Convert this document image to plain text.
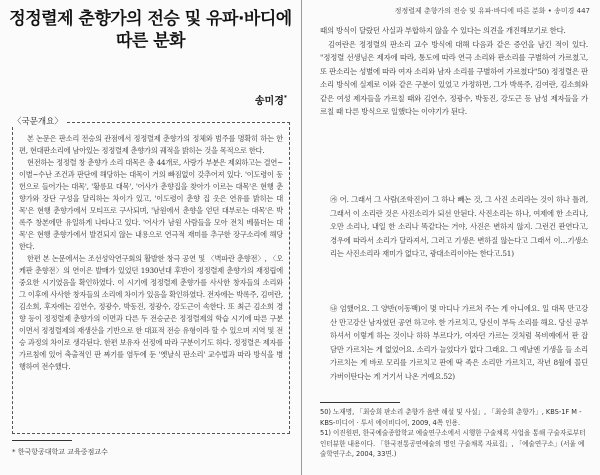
정정렬제 춘향가의 전승 및 유파·바디에
따른 분화
송미경*
〈국문개요〉

본 논문은 판소리 전승의 관점에서 정정렬제 춘향가의 정체와 범주를 명확히 하는 한편, 현대판소리에 남아있는 정정렬제 춘향가의 궤적을 밝히는 것을 목적으로 한다.

현전하는 정정렬 창 춘향가 소리 대목은 총 44개로, 사랑가 부분은 제외하고는 결연~이별~수난 조건과 판단에 해당하는 대목이 거의 빠짐없이 갖추어져 있다. '이도령이 동헌으로 들어가는 대목', '황릉묘 대목', '어사가 춘향집을 찾아가 이르는 대목'은 현행 춘향가와 장단 구성을 달리하는 차이가 있고, '이도령이 춘향 집 옷은 연유를 밝히는 대목'은 현행 춘향가에서 모티프로 구사되며, '남원에서 춘향을 얻던 대부로는 대목'은 박록주 창본에만 유일하게 나타나고 있다. '어사가 남원 사람들을 모아 전치 베풀더는 대목'은 현행 춘향가에서 발견되지 않는 내용으로 연극적 재미를 추구한 장구소리에 해당한다.

한편 본 논문에서는 조선성악연구회의 활발한 창극 공연 및 〈벽파란 춘향전〉, 〈오케판 춘향전〉의 연이은 발매가 있었던 1930년대 후반이 정정렬제 춘향가의 재정립에 중요한 시기였음을 확인하였다. 이 시기에 정정렬제 춘향가를 사사한 창자들의 소리와 그 이후에 사사한 창자들의 소리에 차이가 있음을 확인하였다. 전자에는 박록주, 김여란, 김소희, 후자에는 김연수, 정광수, 박동진, 정광수, 강도근이 속한다. 또 최근 김소희 경향 등이 정정렬제 춘향가의 이면과 다른 두 전승군은 정정렬제의 학습 시기에 따른 구분이면서 정정렬제의 재생산을 기반으로 한 대표적 전승 유형이라 할 수 있으며 지역 및 전승 과정의 차이로 생각된다. 한편 보유자 선정에 따라 구분이기도 하다. 정정렬은 제자를 가르침에 있어 축출적인 판 짜기를 염두에 둔 '옛날식 판소리' 교수법과 따라 방식을 병행하여 전수했다.

* 한국항공대학교 교육중점교수
정정렬제 춘향가의 전승 및 유파·바디에 따른 분화 • 송미경 447

때의 방식이 달랐던 사실과 부합하지 않을 수 있다는 의견을 개진해보기로 한다.

김여란은 정정렬의 판소리 교수 방식에 대해 다음과 같은 증언을 남긴 적이 있다. "정정렬 선생님은 제자에 따라, 통도에 따라 연극 소리와 판소리를 구별하여 가르쳤고, 또 판소리는 성별에 따라 여자 소리와 남자 소리를 구별하여 가르쳤다"50) 정정렬은 판소리 방식에 실제로 이와 같은 구분이 있었고 가정하면, 그가 박록주, 김여란, 김소희와 같은 여성 제자들을 가르칠 때와 김연수, 정광수, 박동진, 강도근 등 남성 제자들을 가르칠 때 다른 방식으로 일했다는 이야기가 된다.

㉮ 어. 그래서 그 사람(조학진)이 그 하나 빼논 것, 그 사진 소리라는 것이 하나 틀려, 그래서 이 소리란 것은 사진소리가 되선 안된다. 사진소리는 하나, 여제에 한 소리나, 오만 소리나, 내일 한 소리나 똑같다는 거야, 사진은 변하지 않지. 그런건 판연다고, 경우에 따라서 소리가 달라져서, 그러고 기생은 변하질 않는다고 그래서 이…기생소리는 사진소리라 재미가 없다고, 광대소리이야는 한다고.51)
㉯ 엄했어요. 그 양반(이동백)이 몇 마디나 가르쳐 주는 게 아니에요. 일 대목 만고강산 만고강산 남자였던 공연 하고야. 한 가르치고, 당신이 부득 소리를 해요. 당신 공부하셔서 이렇게 하는 것이나 하하 부르다가, 여자던 가르는 것처럼 목비예에서 판 잡담만 가르치는 게 없었어요. 소리가 늘었다가 없다 그래요. 그 예날엔 기생을 들 소리 가르치는 게 바로 모리를 가르치고 판에 딱 족은 소리만 가르치고, 작년 8월에 꼴딘 가버이탄다는 게 거기서 나온 거예요.52)

50) 노재명, 「최승희 판소리 춘향가 음반 해설 및 사설」, 「최승희 춘향가」, KBS-1F M - KBS-미디어 · 투서 에이비디어, 2009, 4쪽 인용.

51) 이진원편, 한국예술종합학교 예술연구소에서 시행한 구술채록 사업을 통해 구술자로부터 인터뷰한 내용이다. 「한국전통공연예술의 명인 구술채록 자료집」, 「예술연구소」(서울 예술학연구소, 2004, 33면.)
